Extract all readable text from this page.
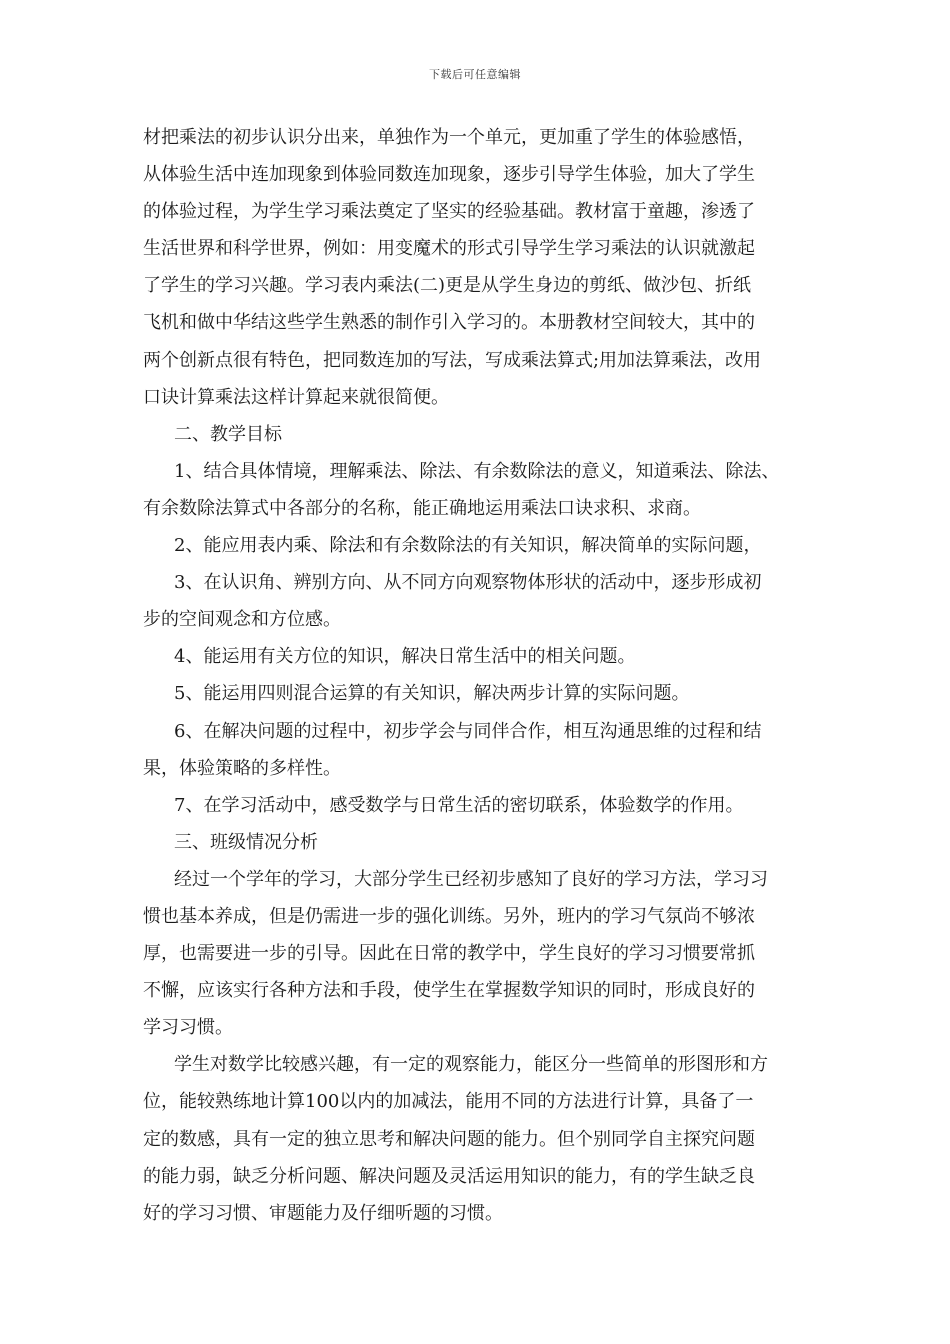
下载后可任意编辑
材把乘法的初步认识分出来，单独作为一个单元，更加重了学生的体验感悟，
从体验生活中连加现象到体验同数连加现象，逐步引导学生体验，加大了学生
的体验过程，为学生学习乘法奠定了坚实的经验基础。教材富于童趣，渗透了
生活世界和科学世界，例如：用变魔术的形式引导学生学习乘法的认识就激起
了学生的学习兴趣。学习表内乘法(二)更是从学生身边的剪纸、做沙包、折纸
飞机和做中华结这些学生熟悉的制作引入学习的。本册教材空间较大，其中的
两个创新点很有特色，把同数连加的写法，写成乘法算式;用加法算乘法，改用
口诀计算乘法这样计算起来就很简便。
二、教学目标
1、结合具体情境，理解乘法、除法、有余数除法的意义，知道乘法、除法、
有余数除法算式中各部分的名称，能正确地运用乘法口诀求积、求商。
2、能应用表内乘、除法和有余数除法的有关知识，解决简单的实际问题，
3、在认识角、辨别方向、从不同方向观察物体形状的活动中，逐步形成初
步的空间观念和方位感。
4、能运用有关方位的知识，解决日常生活中的相关问题。
5、能运用四则混合运算的有关知识，解决两步计算的实际问题。
6、在解决问题的过程中，初步学会与同伴合作，相互沟通思维的过程和结
果，体验策略的多样性。
7、在学习活动中，感受数学与日常生活的密切联系，体验数学的作用。
三、班级情况分析
经过一个学年的学习，大部分学生已经初步感知了良好的学习方法，学习习
惯也基本养成，但是仍需进一步的强化训练。另外，班内的学习气氛尚不够浓
厚，也需要进一步的引导。因此在日常的教学中，学生良好的学习习惯要常抓
不懈，应该实行各种方法和手段，使学生在掌握数学知识的同时，形成良好的
学习习惯。
学生对数学比较感兴趣，有一定的观察能力，能区分一些简单的形图形和方
位，能较熟练地计算100以内的加减法，能用不同的方法进行计算，具备了一
定的数感，具有一定的独立思考和解决问题的能力。但个别同学自主探究问题
的能力弱，缺乏分析问题、解决问题及灵活运用知识的能力，有的学生缺乏良
好的学习习惯、审题能力及仔细听题的习惯。
